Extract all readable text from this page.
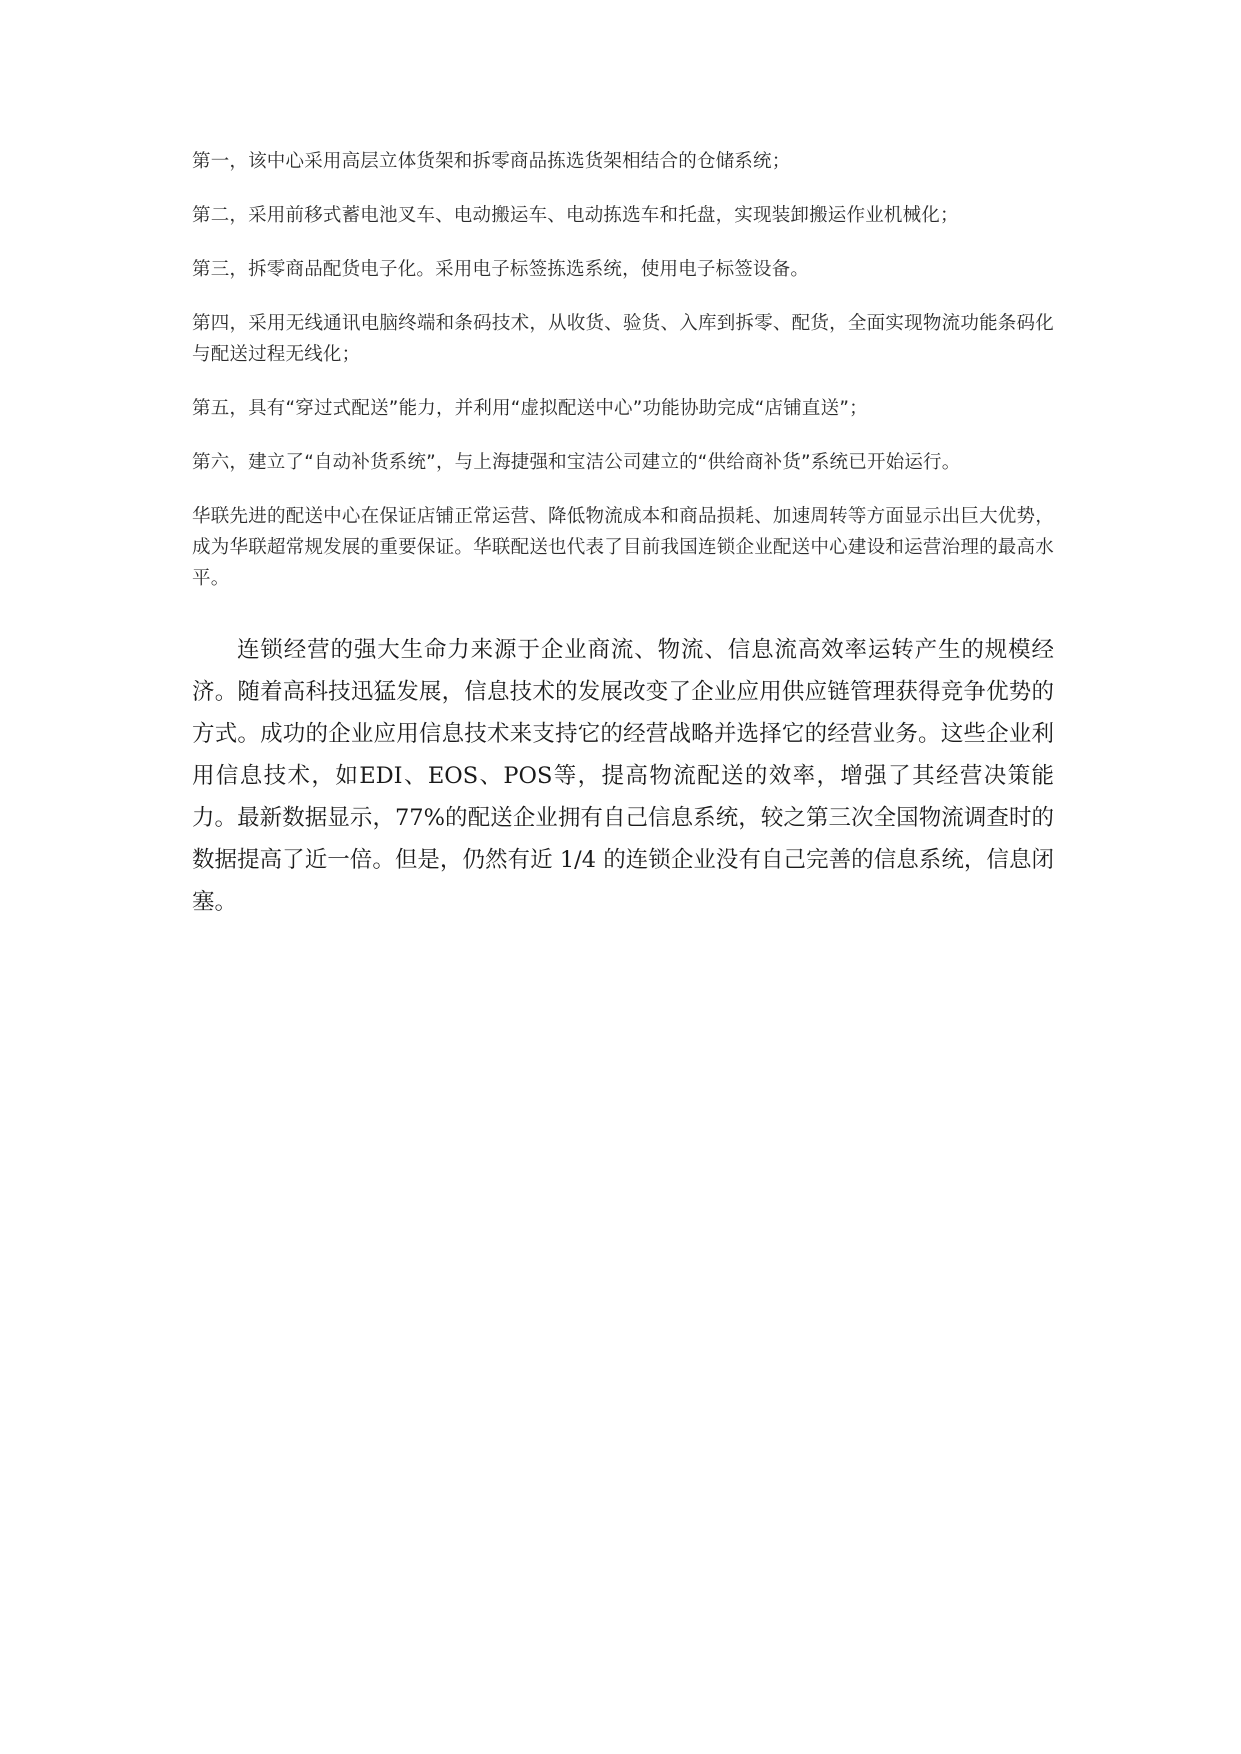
第一，该中心采用高层立体货架和拆零商品拣选货架相结合的仓储系统；

第二，采用前移式蓄电池叉车、电动搬运车、电动拣选车和托盘，实现装卸搬运作业机械化；

第三，拆零商品配货电子化。采用电子标签拣选系统，使用电子标签设备。

第四，采用无线通讯电脑终端和条码技术，从收货、验货、入库到拆零、配货，全面实现物流功能条码化与配送过程无线化；

第五，具有“穿过式配送”能力，并利用“虚拟配送中心”功能协助完成“店铺直送”；

第六，建立了“自动补货系统”，与上海捷强和宝洁公司建立的“供给商补货”系统已开始运行。

华联先进的配送中心在保证店铺正常运营、降低物流成本和商品损耗、加速周转等方面显示出巨大优势，成为华联超常规发展的重要保证。华联配送也代表了目前我国连锁企业配送中心建设和运营治理的最高水平。

连锁经营的强大生命力来源于企业商流、物流、信息流高效率运转产生的规模经济。随着高科技迅猛发展，信息技术的发展改变了企业应用供应链管理获得竞争优势的方式。成功的企业应用信息技术来支持它的经营战略并选择它的经营业务。这些企业利用信息技术，如EDI、EOS、POS等，提高物流配送的效率，增强了其经营决策能力。最新数据显示，77%的配送企业拥有自己信息系统，较之第三次全国物流调查时的数据提高了近一倍。但是，仍然有近 1/4 的连锁企业没有自己完善的信息系统，信息闭塞。
